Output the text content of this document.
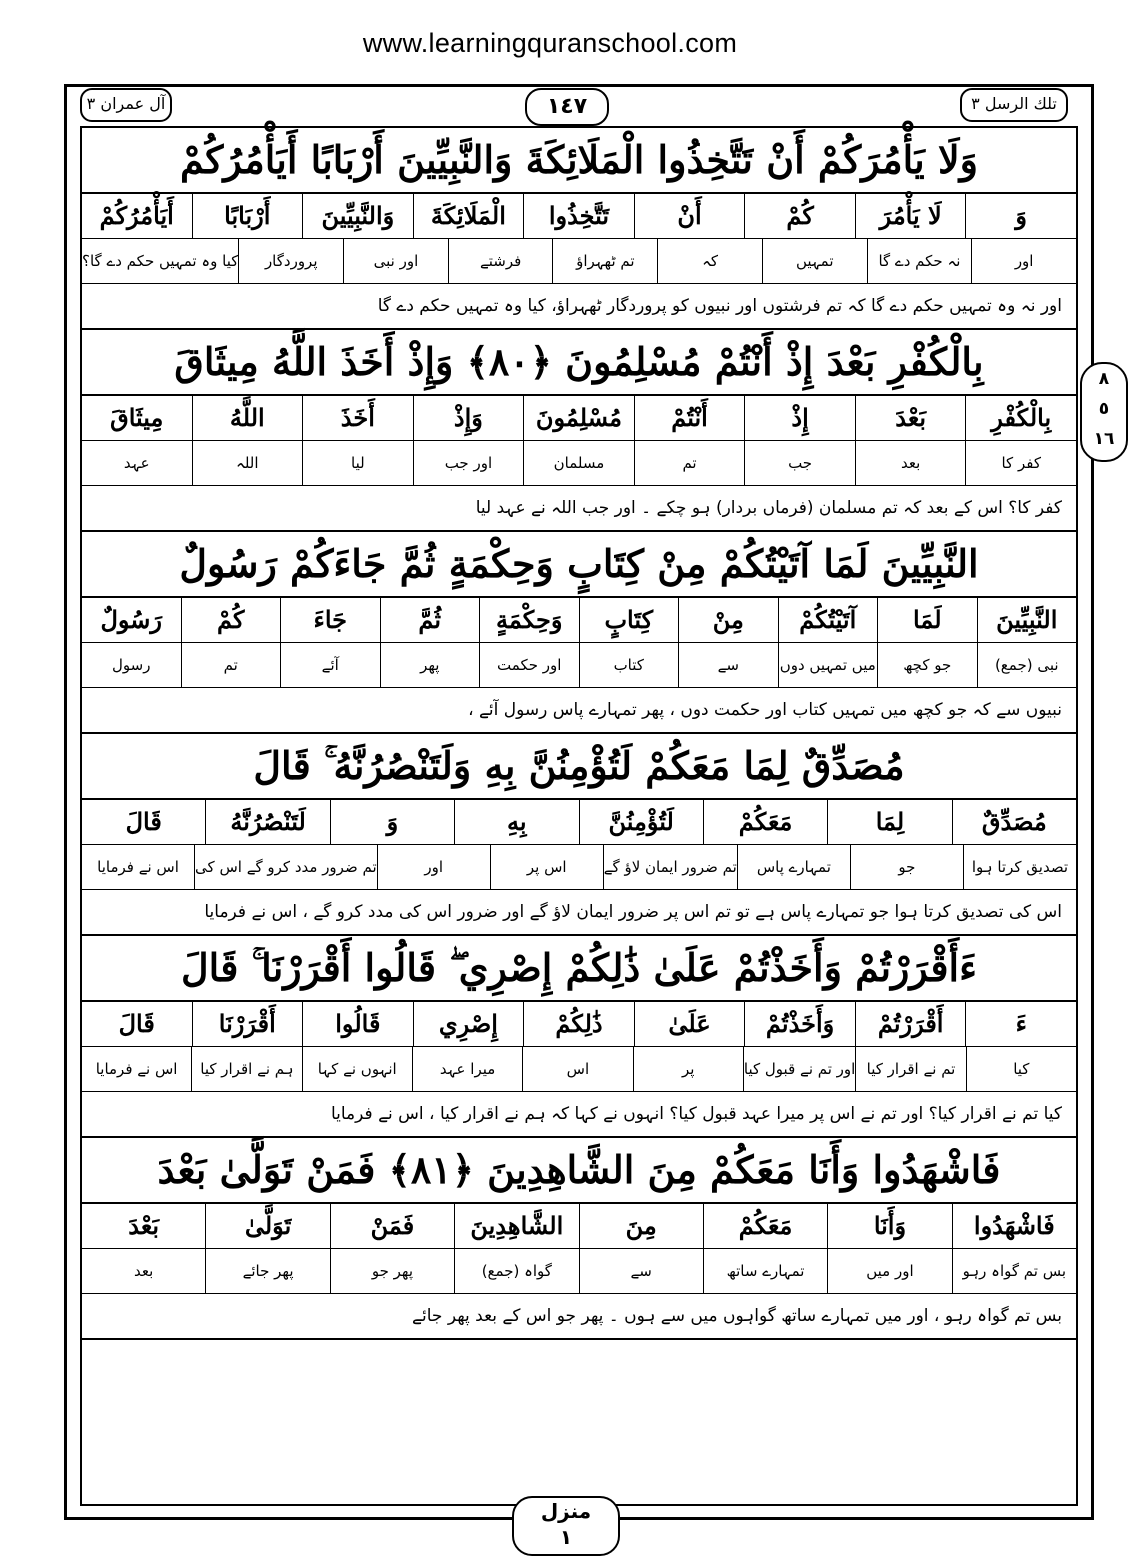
www.learningquranschool.com
تلك الرسل ٣
آل عمران ٣	١٤٧
٨
٥
١٦
وَلَا يَأْمُرَكُمْ أَنْ تَتَّخِذُوا الْمَلَائِكَةَ وَالنَّبِيِّينَ أَرْبَابًا أَيَأْمُرُكُمْ
وَ
لَا يَأْمُرَ
كُمْ
أَنْ
تَتَّخِذُوا
الْمَلَائِكَةَ
وَالنَّبِيِّينَ
أَرْبَابًا
أَيَأْمُرُكُمْ
اور
نہ حکم دے گا
تمہیں
کہ
تم ٹھہراؤ
فرشتے
اور نبی
پروردگار
کیا وہ تمہیں حکم دے گا؟
اور نہ وہ تمہیں حکم دے گا کہ تم فرشتوں اور نبیوں کو پروردگار ٹھہراؤ، کیا وہ تمہیں حکم دے گا
بِالْكُفْرِ بَعْدَ إِذْ أَنْتُمْ مُسْلِمُونَ ﴿٨٠﴾ وَإِذْ أَخَذَ اللَّهُ مِيثَاقَ
بِالْكُفْرِ
بَعْدَ
إِذْ
أَنْتُمْ
مُسْلِمُونَ
وَإِذْ
أَخَذَ
اللَّهُ
مِيثَاقَ
کفر کا
بعد
جب
تم
مسلمان
اور جب
لیا
اللہ
عہد
کفر کا؟ اس کے بعد کہ تم مسلمان (فرماں بردار) ہو چکے ۔ اور جب اللہ نے عہد لیا
النَّبِيِّينَ لَمَا آتَيْتُكُمْ مِنْ كِتَابٍ وَحِكْمَةٍ ثُمَّ جَاءَكُمْ رَسُولٌ
النَّبِيِّينَ
لَمَا
آتَيْتُكُمْ
مِنْ
كِتَابٍ
وَحِكْمَةٍ
ثُمَّ
جَاءَ
كُمْ
رَسُولٌ
نبی (جمع)
جو کچھ
میں تمہیں دوں
سے
کتاب
اور حکمت
پھر
آئے
تم
رسول
نبیوں سے کہ جو کچھ میں تمہیں کتاب اور حکمت دوں ، پھر تمہارے پاس رسول آئے ،
مُصَدِّقٌ لِمَا مَعَكُمْ لَتُؤْمِنُنَّ بِهِ وَلَتَنْصُرُنَّهُ ۚ قَالَ
مُصَدِّقٌ
لِمَا
مَعَكُمْ
لَتُؤْمِنُنَّ
بِهِ
وَ
لَتَنْصُرُنَّهُ
قَالَ
تصدیق کرتا ہوا
جو
تمہارے پاس
تم ضرور ایمان لاؤ گے
اس پر
اور
تم ضرور مدد کرو گے اس کی
اس نے فرمایا
اس کی تصدیق کرتا ہوا جو تمہارے پاس ہے تو تم اس پر ضرور ایمان لاؤ گے اور ضرور اس کی مدد کرو گے ، اس نے فرمایا
ءَأَقْرَرْتُمْ وَأَخَذْتُمْ عَلَىٰ ذَٰلِكُمْ إِصْرِي ۖ قَالُوا أَقْرَرْنَا ۚ قَالَ
ءَ
أَقْرَرْتُمْ
وَأَخَذْتُمْ
عَلَىٰ
ذَٰلِكُمْ
إِصْرِي
قَالُوا
أَقْرَرْنَا
قَالَ
کیا
تم نے اقرار کیا
اور تم نے قبول کیا
پر
اس
میرا عہد
انہوں نے کہا
ہم نے اقرار کیا
اس نے فرمایا
کیا تم نے اقرار کیا؟ اور تم نے اس پر میرا عہد قبول کیا؟ انہوں نے کہا کہ ہم نے اقرار کیا ، اس نے فرمایا
فَاشْهَدُوا وَأَنَا مَعَكُمْ مِنَ الشَّاهِدِينَ ﴿٨١﴾ فَمَنْ تَوَلَّىٰ بَعْدَ
فَاشْهَدُوا
وَأَنَا
مَعَكُمْ
مِنَ
الشَّاهِدِينَ
فَمَنْ
تَوَلَّىٰ
بَعْدَ
بس تم گواہ رہو
اور میں
تمہارے ساتھ
سے
گواہ (جمع)
پھر جو
پھر جائے
بعد
بس تم گواہ رہو ، اور میں تمہارے ساتھ گواہوں میں سے ہوں ۔ پھر جو اس کے بعد پھر جائے
منزل
١
